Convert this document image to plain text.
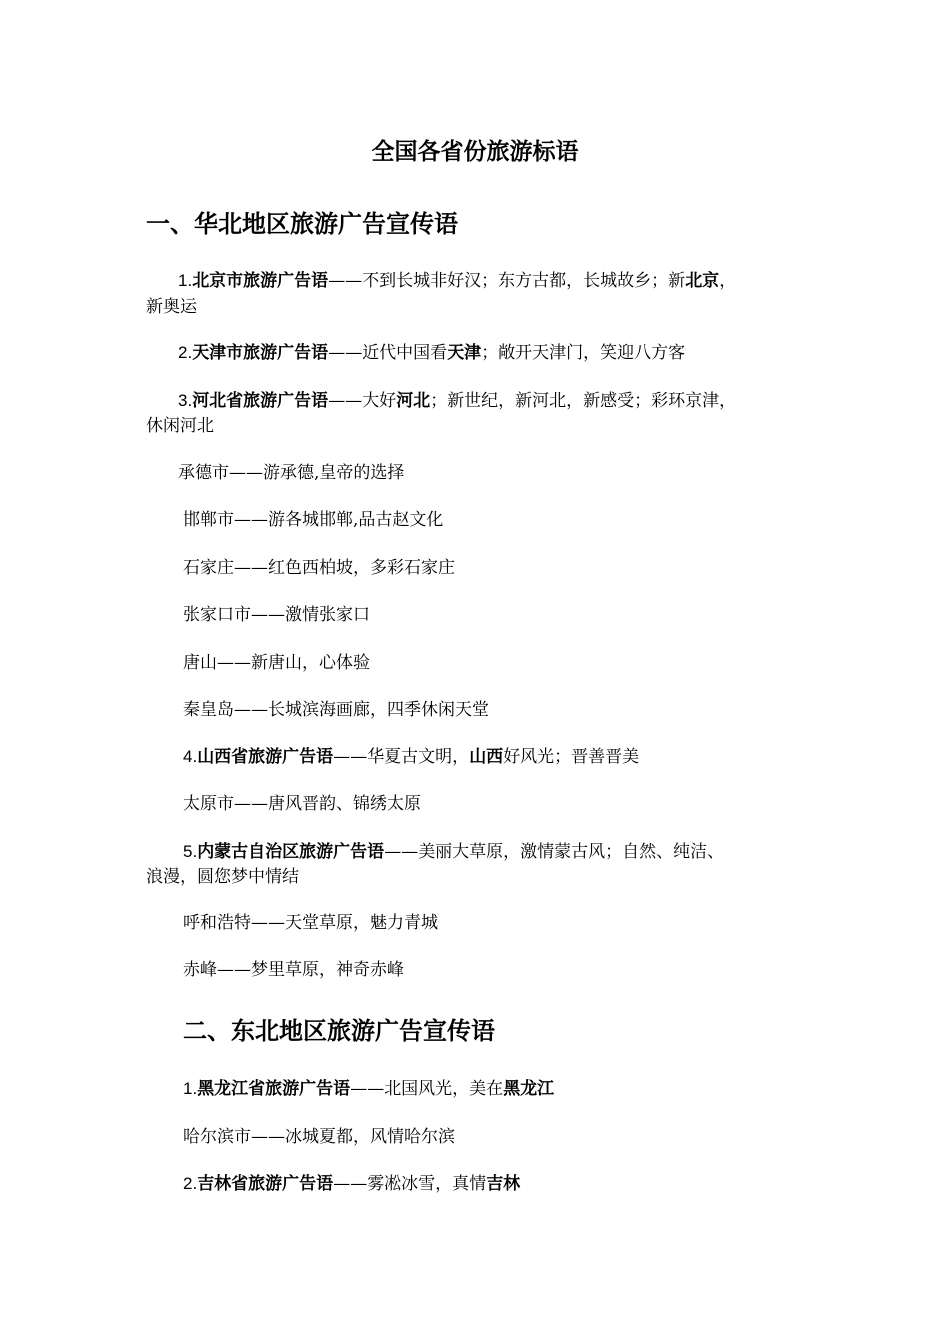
全国各省份旅游标语
一、华北地区旅游广告宣传语
1.北京市旅游广告语——不到长城非好汉；东方古都，长城故乡；新北京，
新奥运
2.天津市旅游广告语——近代中国看天津；敞开天津门，笑迎八方客
3.河北省旅游广告语——大好河北；新世纪，新河北，新感受；彩环京津，
休闲河北
承德市——游承德,皇帝的选择
邯郸市——游各城邯郸,品古赵文化
石家庄——红色西柏坡，多彩石家庄
张家口市——激情张家口
唐山——新唐山，心体验
秦皇岛——长城滨海画廊，四季休闲天堂
4.山西省旅游广告语——华夏古文明，山西好风光；晋善晋美
太原市——唐风晋韵、锦绣太原
5.内蒙古自治区旅游广告语——美丽大草原，激情蒙古风；自然、纯洁、
浪漫，圆您梦中情结
呼和浩特——天堂草原，魅力青城
赤峰——梦里草原，神奇赤峰
二、东北地区旅游广告宣传语
1.黑龙江省旅游广告语——北国风光，美在黑龙江
哈尔滨市——冰城夏都，风情哈尔滨
2.吉林省旅游广告语——雾凇冰雪，真情吉林
